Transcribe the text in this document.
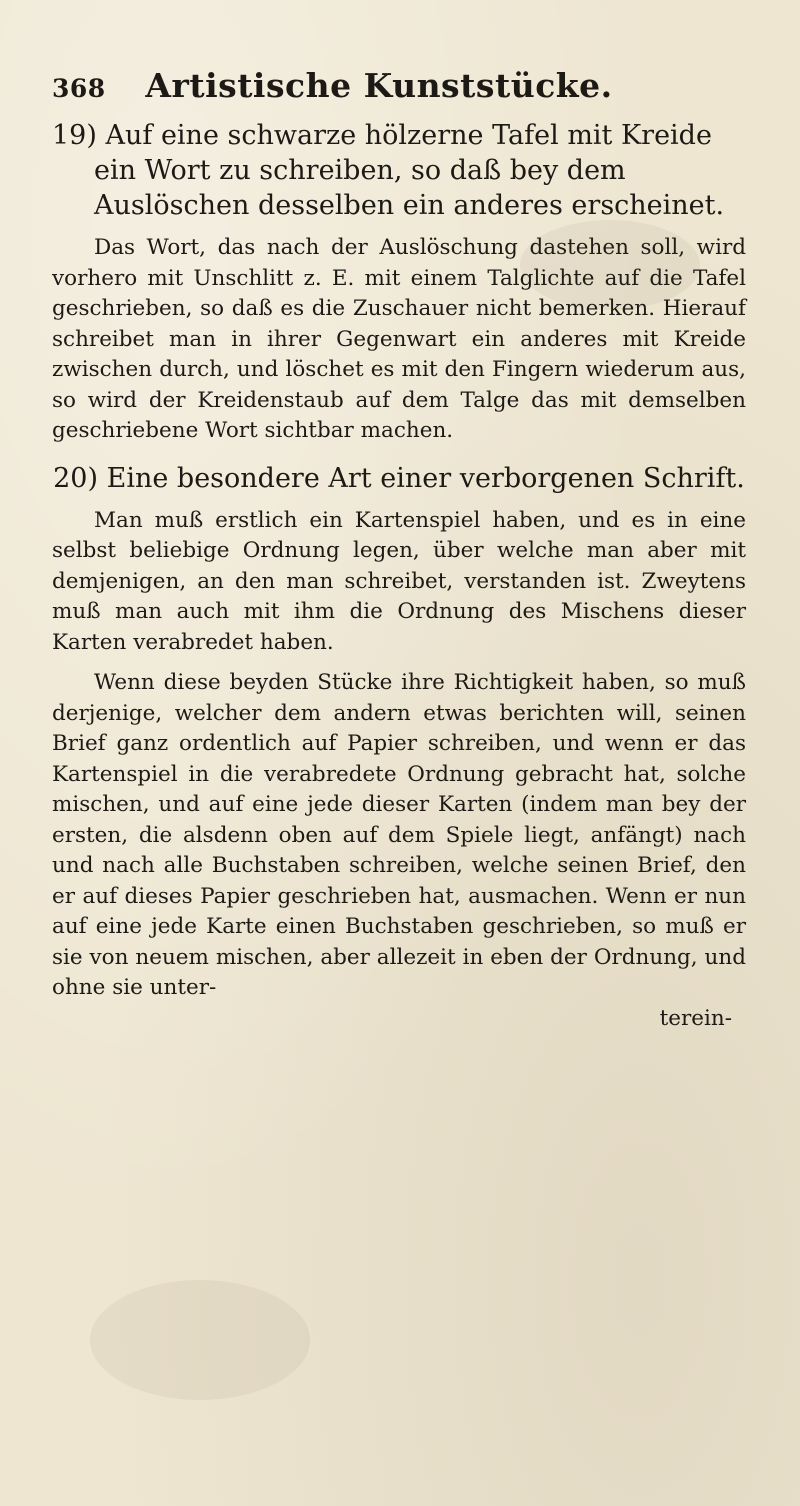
368	Artistische Kunststücke.

19) Auf eine schwarze hölzerne Tafel mit Kreide ein Wort zu schreiben, so daß bey dem Auslöschen desselben ein anderes erscheinet.

Das Wort, das nach der Auslöschung dastehen soll, wird vorhero mit Unschlitt z. E. mit einem Talglichte auf die Tafel geschrieben, so daß es die Zuschauer nicht bemerken. Hierauf schreibet man in ihrer Gegenwart ein anderes mit Kreide zwischen durch, und löschet es mit den Fingern wiederum aus, so wird der Kreidenstaub auf dem Talge das mit demselben geschriebene Wort sichtbar machen.

20) Eine besondere Art einer verborgenen Schrift.

Man muß erstlich ein Kartenspiel haben, und es in eine selbst beliebige Ordnung legen, über welche man aber mit demjenigen, an den man schreibet, verstanden ist. Zweytens muß man auch mit ihm die Ordnung des Mischens dieser Karten verabredet haben.

Wenn diese beyden Stücke ihre Richtigkeit haben, so muß derjenige, welcher dem andern etwas berichten will, seinen Brief ganz ordentlich auf Papier schreiben, und wenn er das Kartenspiel in die verabredete Ordnung gebracht hat, solche mischen, und auf eine jede dieser Karten (indem man bey der ersten, die alsdenn oben auf dem Spiele liegt, anfängt) nach und nach alle Buchstaben schreiben, welche seinen Brief, den er auf dieses Papier geschrieben hat, ausmachen. Wenn er nun auf eine jede Karte einen Buchstaben geschrieben, so muß er sie von neuem mischen, aber allezeit in eben der Ordnung, und ohne sie unter-

terein-
